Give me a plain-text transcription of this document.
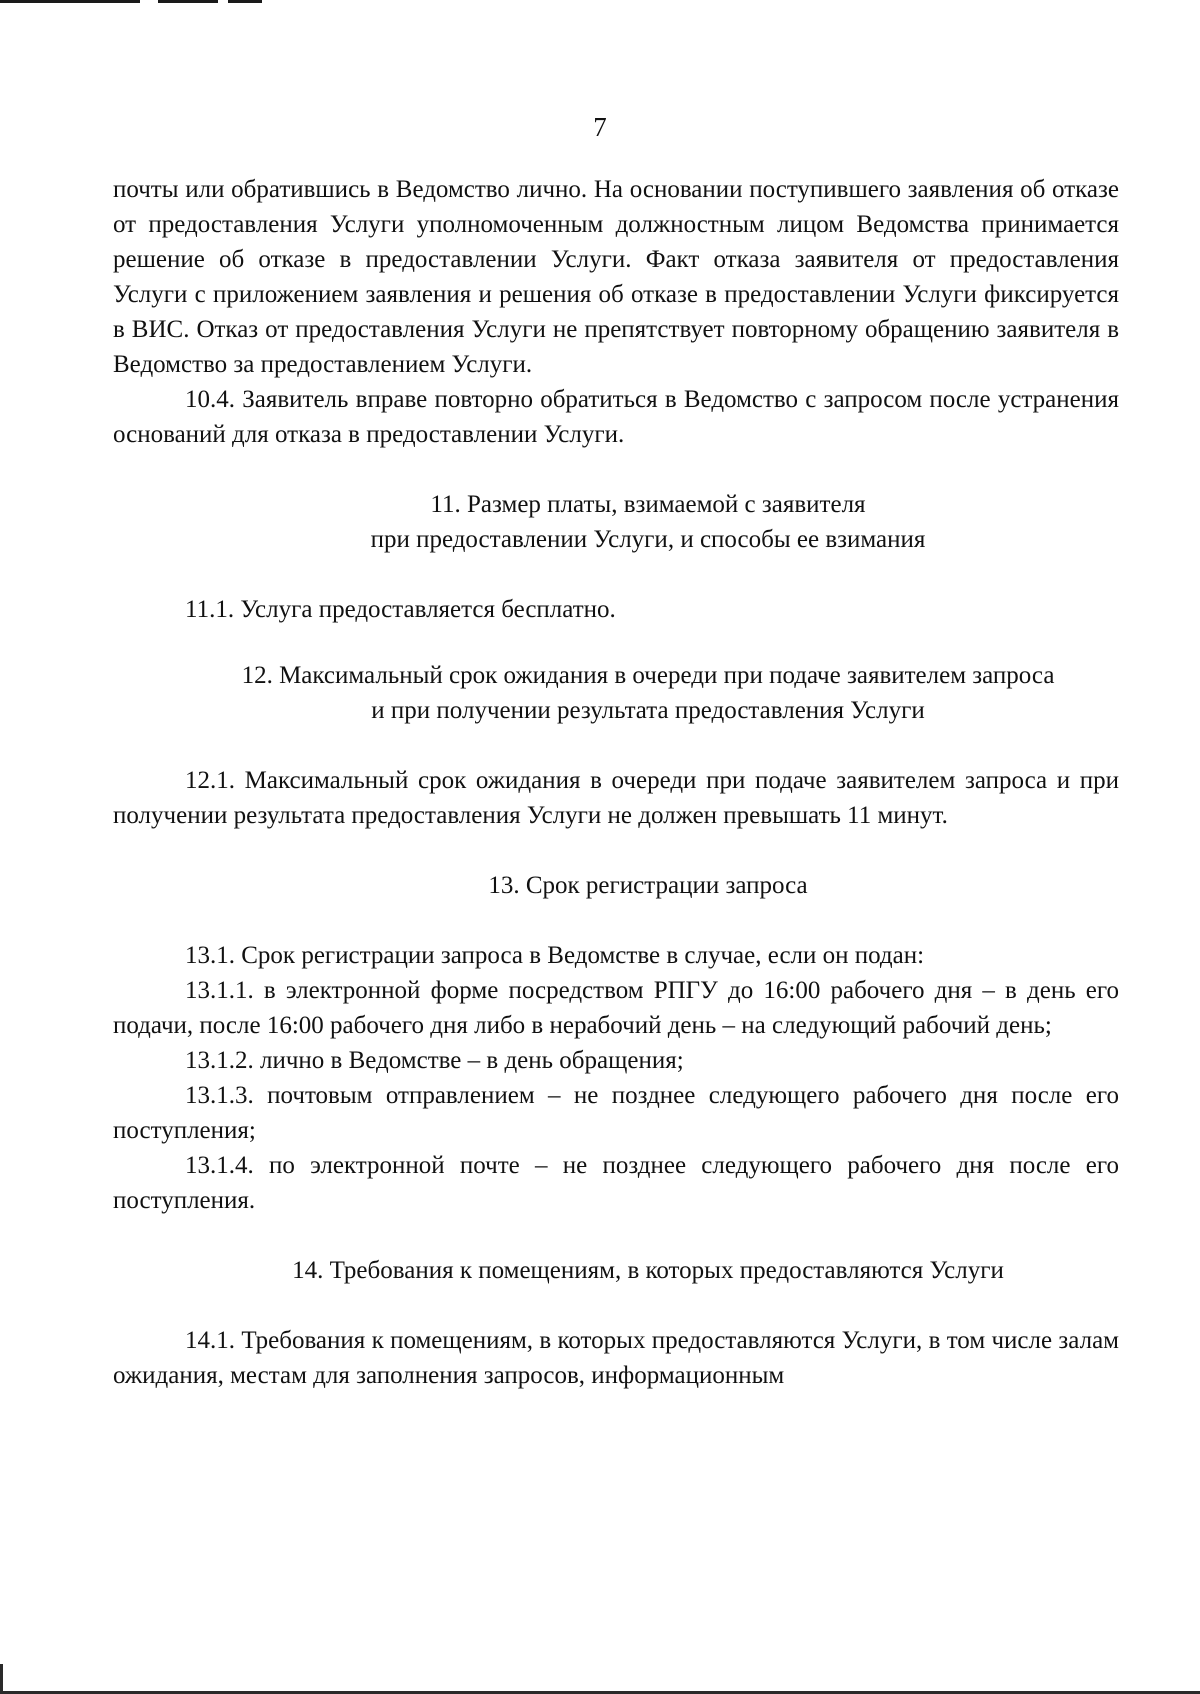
7

почты или обратившись в Ведомство лично. На основании поступившего заявления об отказе от предоставления Услуги уполномоченным должностным лицом Ведомства принимается решение об отказе в предоставлении Услуги. Факт отказа заявителя от предоставления Услуги с приложением заявления и решения об отказе в предоставлении Услуги фиксируется в ВИС. Отказ от предоставления Услуги не препятствует повторному обращению заявителя в Ведомство за предоставлением Услуги.

10.4. Заявитель вправе повторно обратиться в Ведомство с запросом после устранения оснований для отказа в предоставлении Услуги.

11. Размер платы, взимаемой с заявителя
при предоставлении Услуги, и способы ее взимания

11.1. Услуга предоставляется бесплатно.

12. Максимальный срок ожидания в очереди при подаче заявителем запроса
и при получении результата предоставления Услуги

12.1. Максимальный срок ожидания в очереди при подаче заявителем запроса и при получении результата предоставления Услуги не должен превышать 11 минут.

13. Срок регистрации запроса

13.1. Срок регистрации запроса в Ведомстве в случае, если он подан:

13.1.1. в электронной форме посредством РПГУ до 16:00 рабочего дня – в день его подачи, после 16:00 рабочего дня либо в нерабочий день – на следующий рабочий день;

13.1.2. лично в Ведомстве – в день обращения;

13.1.3. почтовым отправлением – не позднее следующего рабочего дня после его поступления;

13.1.4. по электронной почте – не позднее следующего рабочего дня после его поступления.

14. Требования к помещениям, в которых предоставляются Услуги

14.1. Требования к помещениям, в которых предоставляются Услуги, в том числе залам ожидания, местам для заполнения запросов, информационным
